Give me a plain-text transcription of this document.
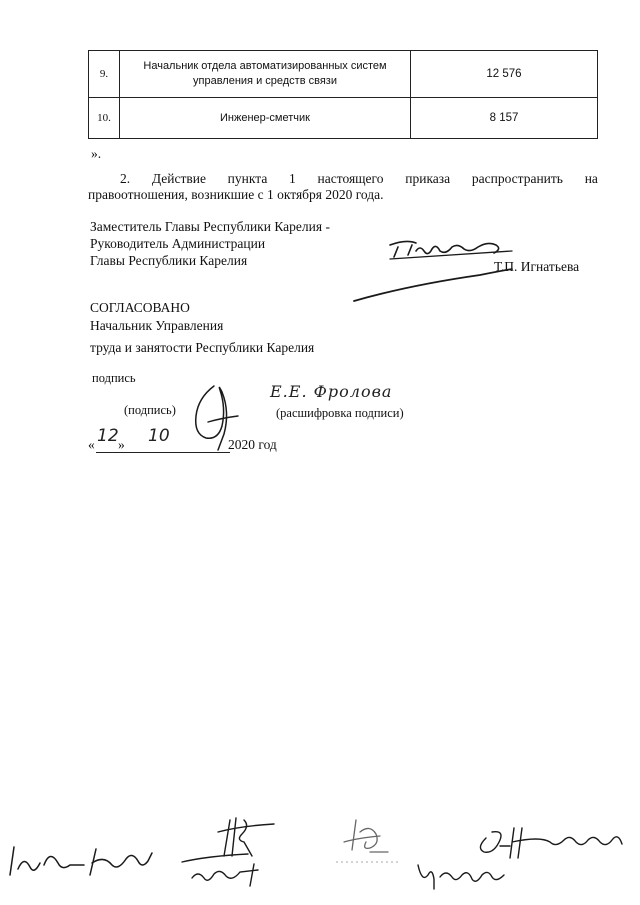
9.	Начальник отдела автоматизированных систем
управления и средств связи	12 576
10.	Инженер-сметчик	8 157
».
2. Действие пункта 1 настоящего приказа распространить на
правоотношения, возникшие с 1 октября 2020 года.
Заместитель Главы Республики Карелия -
Руководитель Администрации
Главы Республики Карелия	Т.П. Игнатьева
СОГЛАСОВАНО
Начальник Управления
труда и занятости Республики Карелия
подпись
(подпись)	(расшифровка подписи)
« 12 » 10	2020 год
Е.Е. Фролова
